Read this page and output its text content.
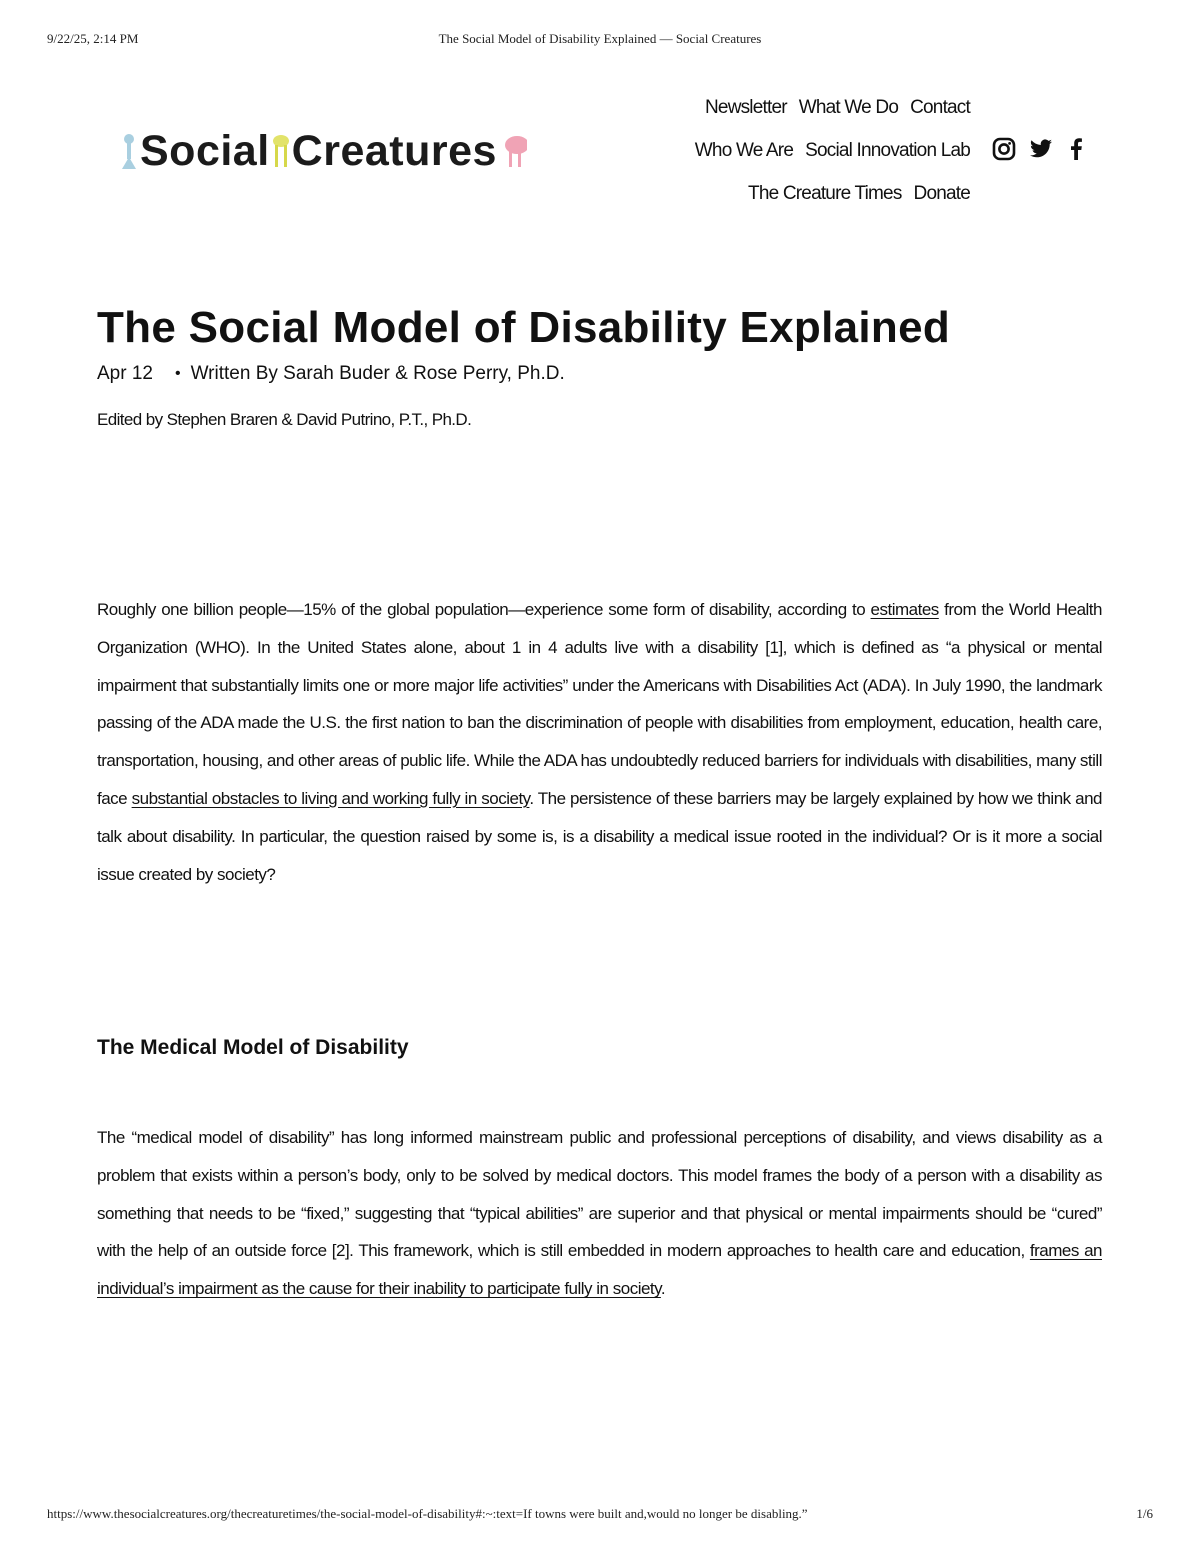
9/22/25, 2:14 PM	The Social Model of Disability Explained — Social Creatures
Social Creatures
Newsletter What We Do Contact
Who We Are Social Innovation Lab
The Creature Times Donate
The Social Model of Disability Explained
Apr 12 • Written By Sarah Buder & Rose Perry, Ph.D.
Edited by Stephen Braren & David Putrino, P.T., Ph.D.

Roughly one billion people—15% of the global population—experience some form of disability, according to estimates from the World Health Organization (WHO). In the United States alone, about 1 in 4 adults live with a disability [1], which is defined as “a physical or mental impairment that substantially limits one or more major life activities” under the Americans with Disabilities Act (ADA). In July 1990, the landmark passing of the ADA made the U.S. the first nation to ban the discrimination of people with disabilities from employment, education, health care, transportation, housing, and other areas of public life. While the ADA has undoubtedly reduced barriers for individuals with disabilities, many still face substantial obstacles to living and working fully in society. The persistence of these barriers may be largely explained by how we think and talk about disability. In particular, the question raised by some is, is a disability a medical issue rooted in the individual? Or is it more a social issue created by society?

The Medical Model of Disability

The “medical model of disability” has long informed mainstream public and professional perceptions of disability, and views disability as a problem that exists within a person’s body, only to be solved by medical doctors. This model frames the body of a person with a disability as something that needs to be “fixed,” suggesting that “typical abilities” are superior and that physical or mental impairments should be “cured” with the help of an outside force [2]. This framework, which is still embedded in modern approaches to health care and education, frames an individual’s impairment as the cause for their inability to participate fully in society.

https://www.thesocialcreatures.org/thecreaturetimes/the-social-model-of-disability#:~:text=If towns were built and,would no longer be disabling.”	1/6
